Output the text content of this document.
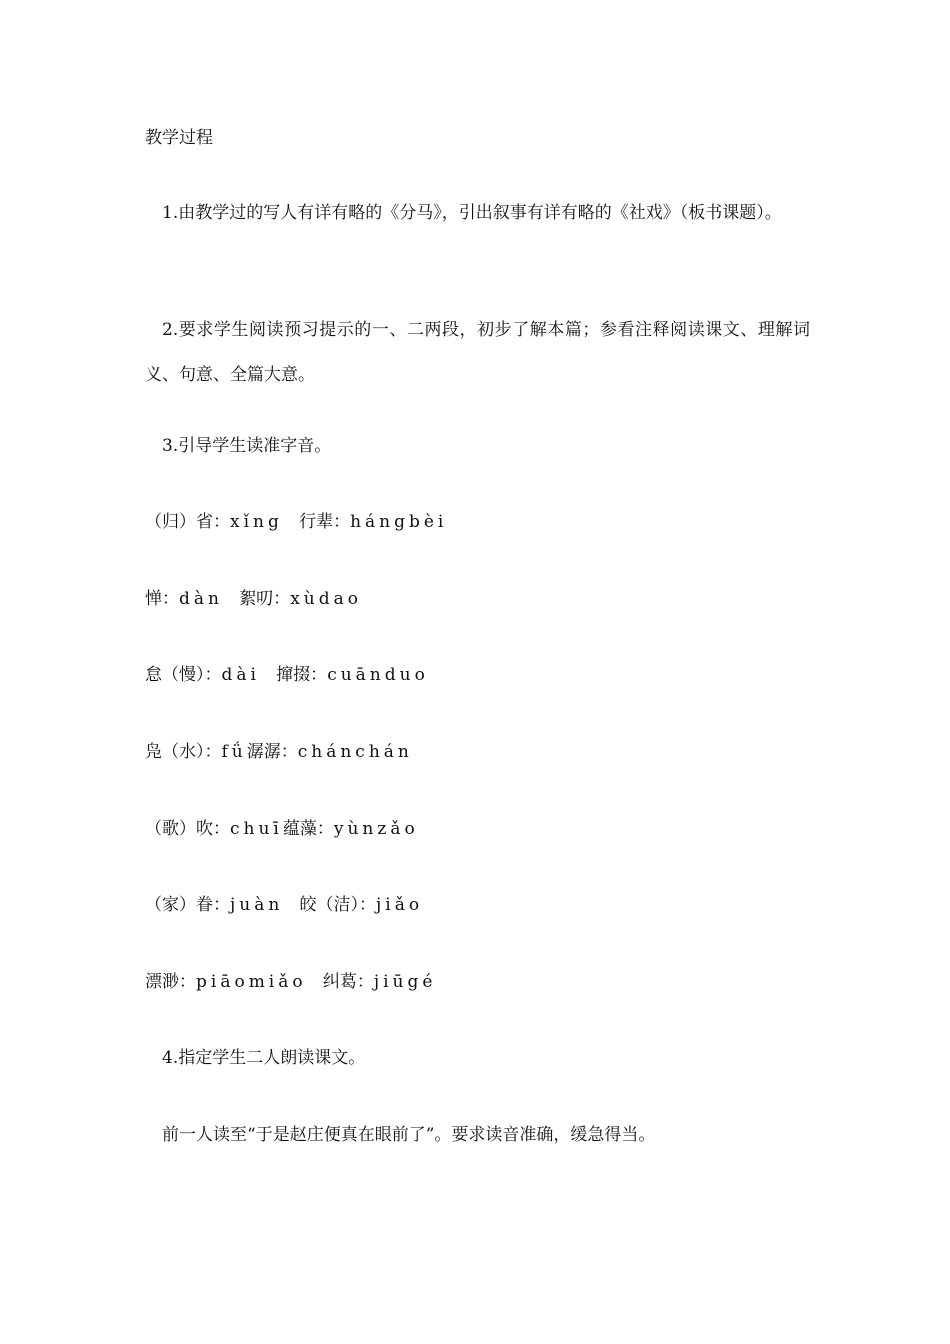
教学过程

1.由教学过的写人有详有略的《分马》，引出叙事有详有略的《社戏》（板书课题）。

2.要求学生阅读预习提示的一、二两段，初步了解本篇；参看注释阅读课文、理解词义、句意、全篇大意。

3.引导学生读准字音。

（归）省：xǐng 行辈：hángbèi

惮：dàn 絮叨：xùdao

怠（慢）：dài 撺掇：cuānduo

凫（水）：fǘ潺潺：chánchán

（歌）吹：chuī蕴藻：yùnzǎo

（家）眷：juàn 皎（洁）：jiǎo

漂渺：piāomiǎo 纠葛：jiūgé

4.指定学生二人朗读课文。

前一人读至“于是赵庄便真在眼前了”。要求读音准确，缓急得当。
